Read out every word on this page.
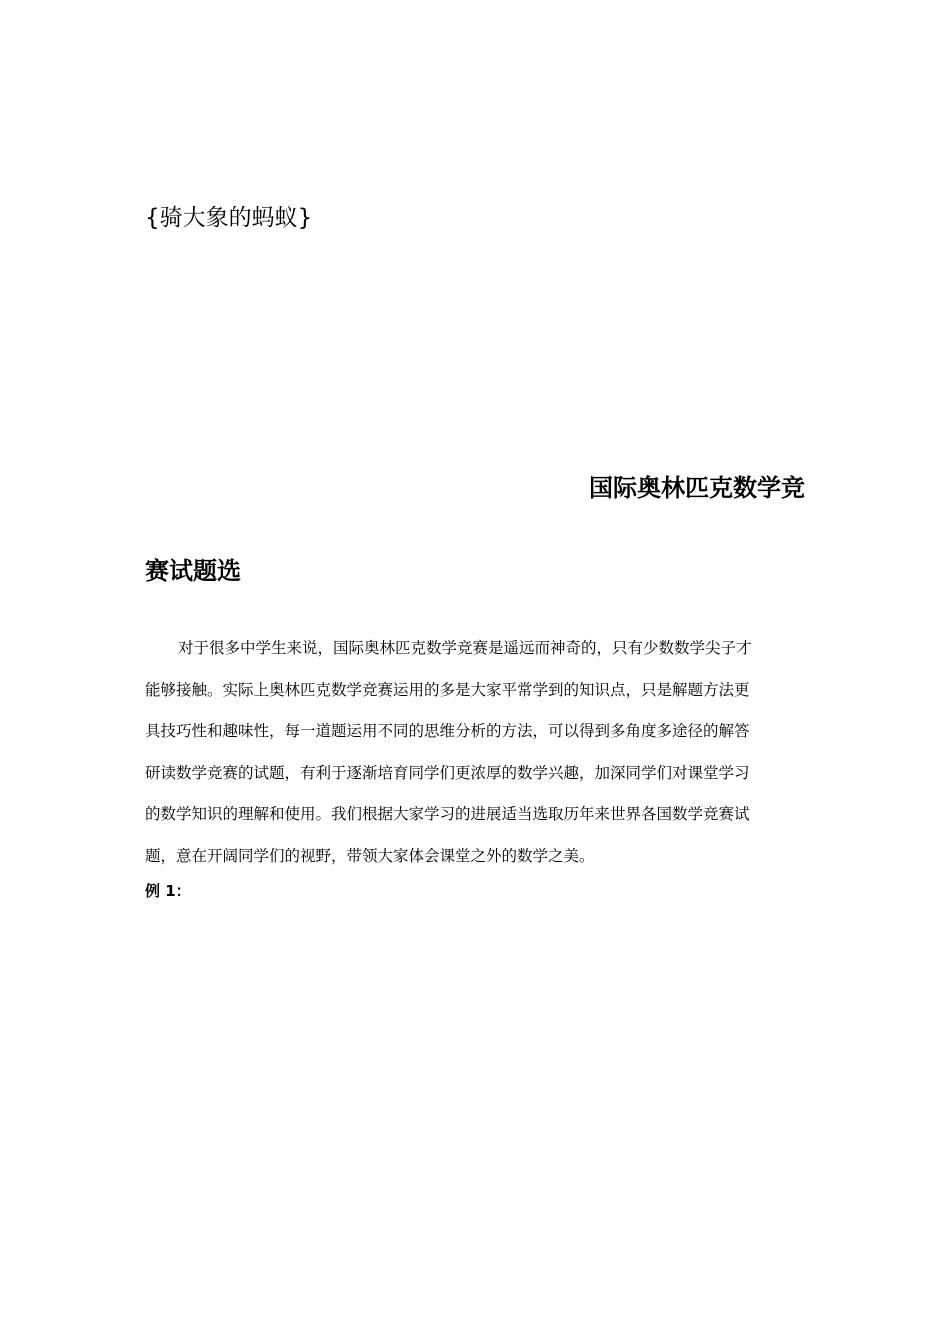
{骑大象的蚂蚁}
国际奥林匹克数学竞
赛试题选
对于很多中学生来说，国际奥林匹克数学竞赛是遥远而神奇的，只有少数数学尖子才
能够接触。实际上奥林匹克数学竞赛运用的多是大家平常学到的知识点，只是解题方法更
具技巧性和趣味性，每一道题运用不同的思维分析的方法，可以得到多角度多途径的解答
研读数学竞赛的试题，有利于逐渐培育同学们更浓厚的数学兴趣，加深同学们对课堂学习
的数学知识的理解和使用。我们根据大家学习的进展适当选取历年来世界各国数学竞赛试
题，意在开阔同学们的视野，带领大家体会课堂之外的数学之美。
例 1：
